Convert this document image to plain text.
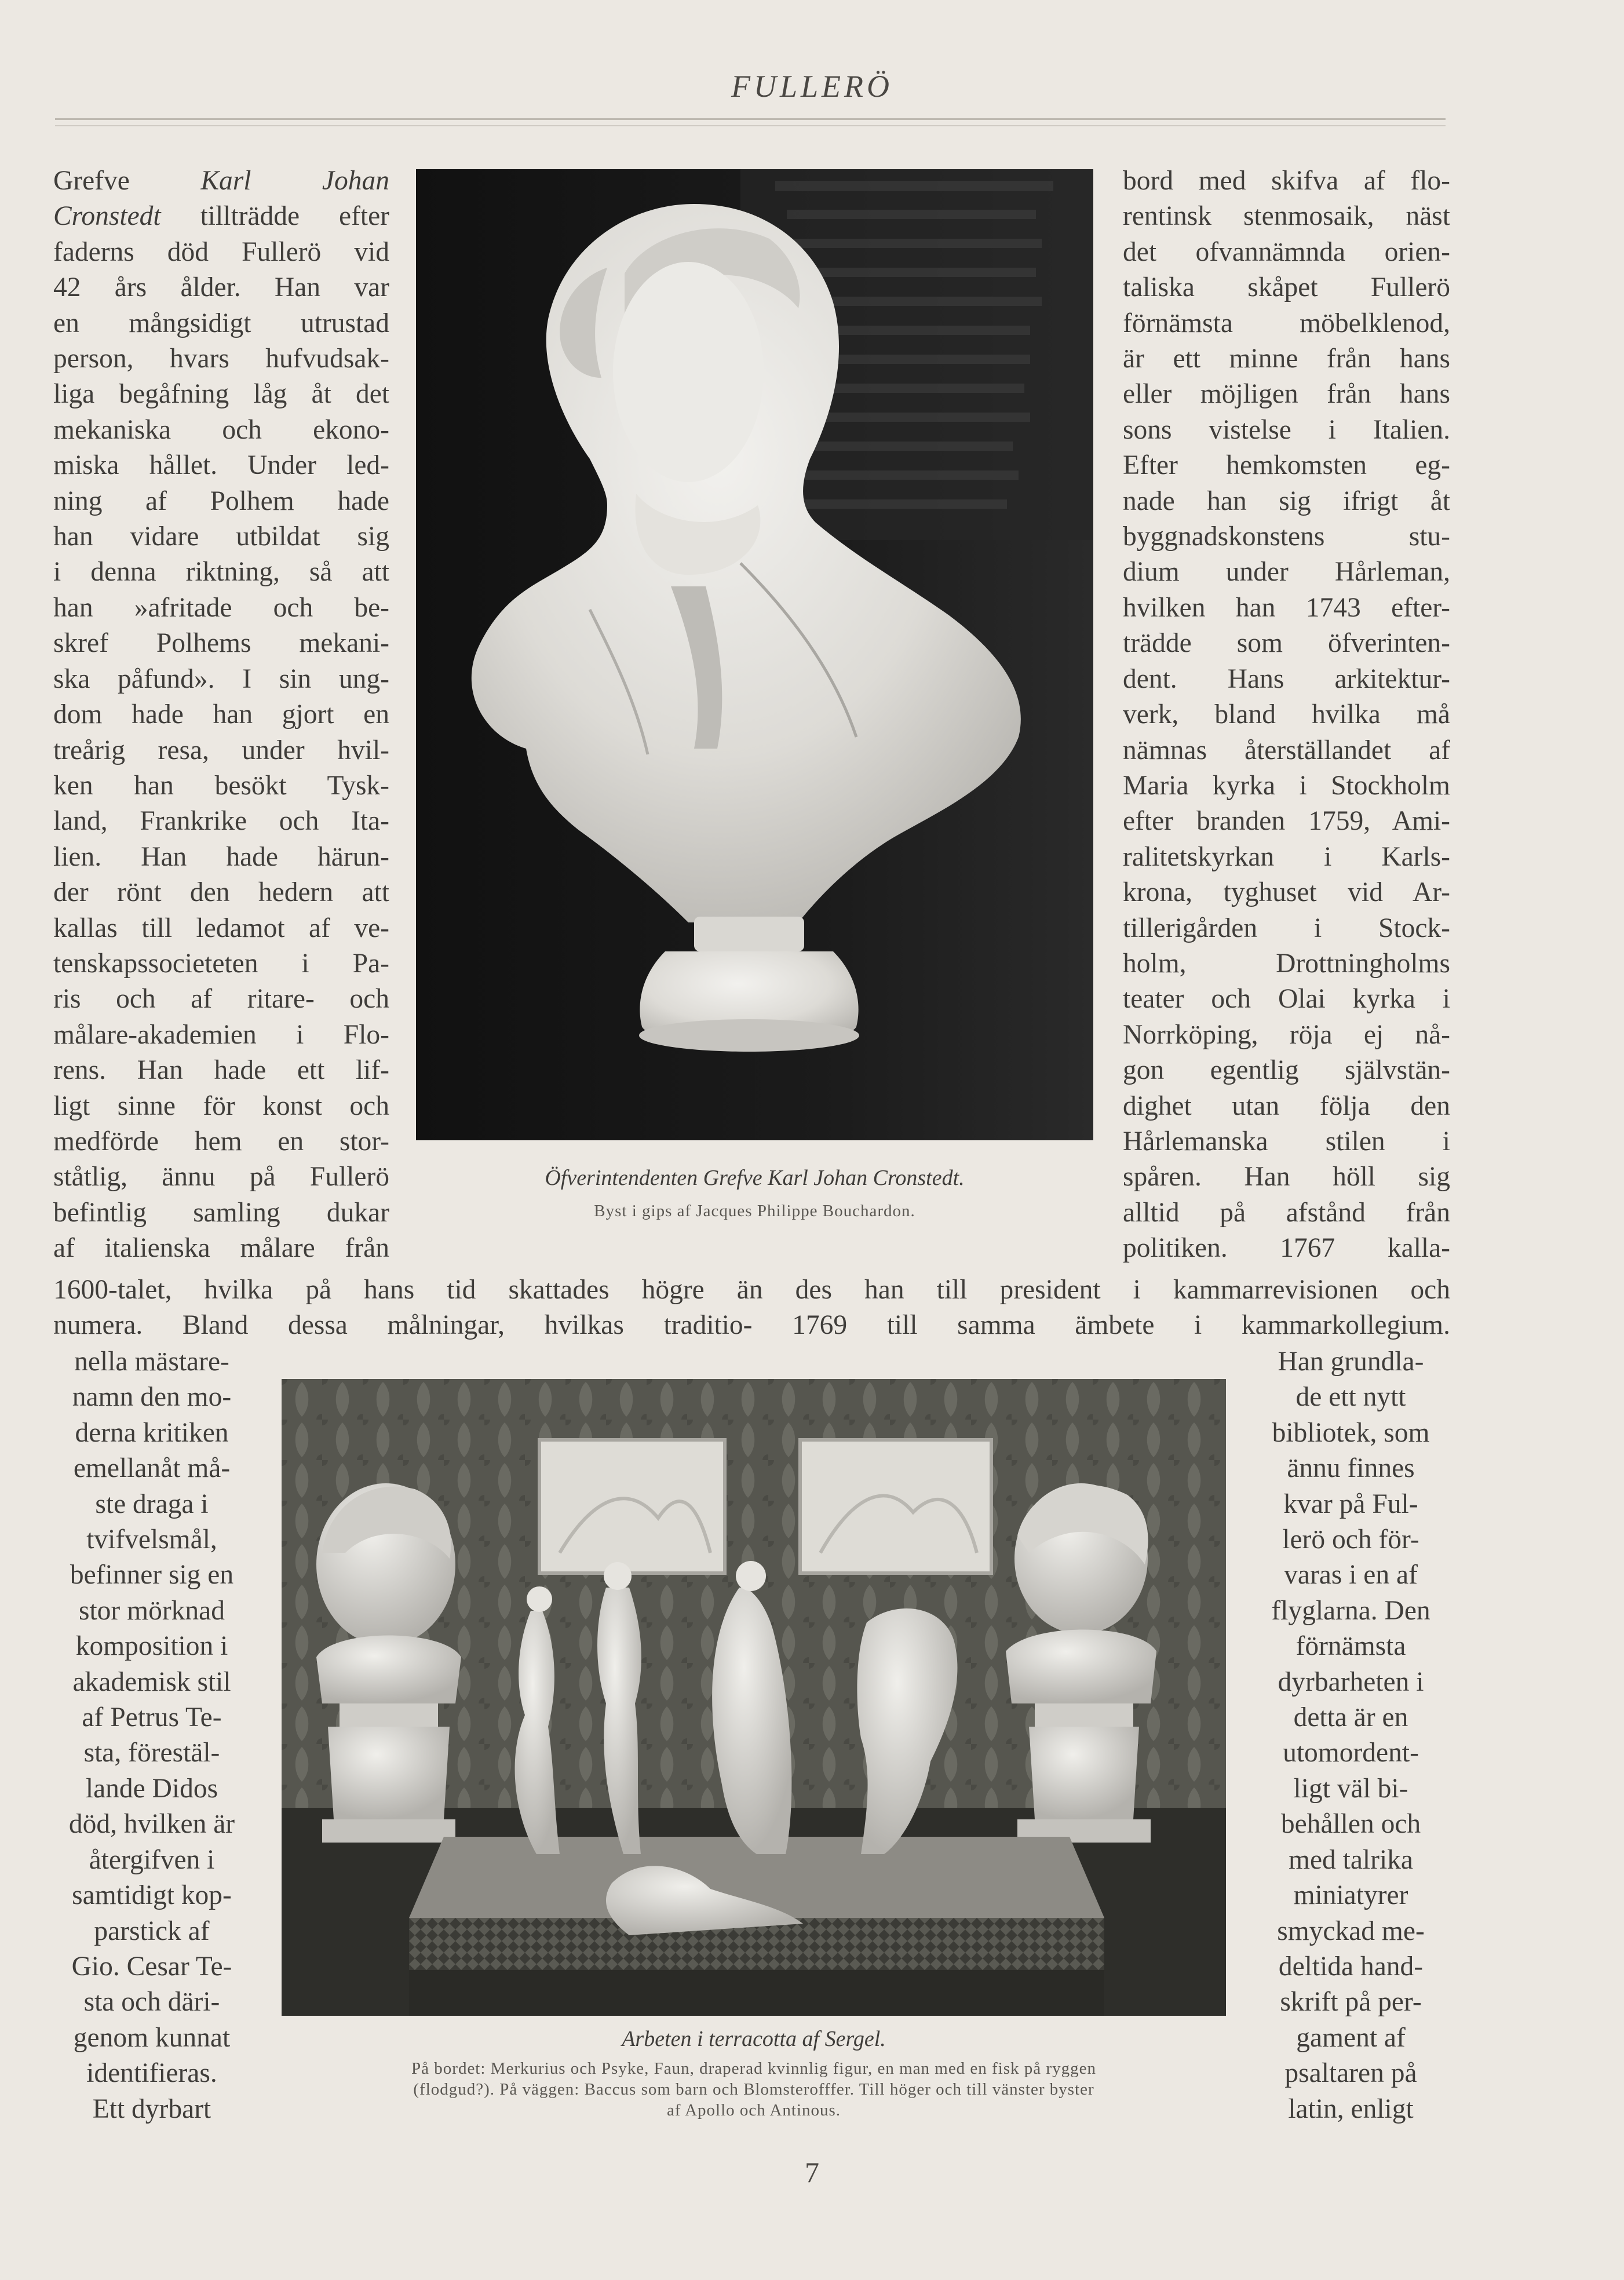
FULLERÖ
Grefve Karl Johan
Cronstedt tillträdde efter
faderns död Fullerö vid
42 års ålder. Han var
en mångsidigt utrustad
person, hvars hufvudsak-
liga begåfning låg åt det
mekaniska och ekono-
miska hållet. Under led-
ning af Polhem hade
han vidare utbildat sig
i denna riktning, så att
han »afritade och be-
skref Polhems mekani-
ska påfund». I sin ung-
dom hade han gjort en
treårig resa, under hvil-
ken han besökt Tysk-
land, Frankrike och Ita-
lien. Han hade härun-
der rönt den hedern att
kallas till ledamot af ve-
tenskapssocieteten i Pa-
ris och af ritare- och
målare-akademien i Flo-
rens. Han hade ett lif-
ligt sinne för konst och
medförde hem en stor-
ståtlig, ännu på Fullerö
befintlig samling dukar
af italienska målare från
bord med skifva af flo-
rentinsk stenmosaik, näst
det ofvannämnda orien-
taliska skåpet Fullerö
förnämsta möbelklenod,
är ett minne från hans
eller möjligen från hans
sons vistelse i Italien.
Efter hemkomsten eg-
nade han sig ifrigt åt
byggnadskonstens stu-
dium under Hårleman,
hvilken han 1743 efter-
trädde som öfverinten-
dent. Hans arkitektur-
verk, bland hvilka må
nämnas återställandet af
Maria kyrka i Stockholm
efter branden 1759, Ami-
ralitetskyrkan i Karls-
krona, tyghuset vid Ar-
tillerigården i Stock-
holm, Drottningholms
teater och Olai kyrka i
Norrköping, röja ej nå-
gon egentlig självstän-
dighet utan följa den
Hårlemanska stilen i
spåren. Han höll sig
alltid på afstånd från
politiken. 1767 kalla-
Öfverintendenten Grefve Karl Johan Cronstedt.
Byst i gips af Jacques Philippe Bouchardon.
1600-talet, hvilka på hans tid skattades högre än des han till president i kammarrevisionen och
numera. Bland dessa målningar, hvilkas traditio- 1769 till samma ämbete i kammarkollegium.
nella mästare-
namn den mo-
derna kritiken
emellanåt må-
ste draga i
tvifvelsmål,
befinner sig en
stor mörknad
komposition i
akademisk stil
af Petrus Te-
sta, förestäl-
lande Didos
död, hvilken är
återgifven i
samtidigt kop-
parstick af
Gio. Cesar Te-
sta och däri-
genom kunnat
identifieras.
Ett dyrbart
Han grundla-
de ett nytt
bibliotek, som
ännu finnes
kvar på Ful-
lerö och för-
varas i en af
flyglarna. Den
förnämsta
dyrbarheten i
detta är en
utomordent-
ligt väl bi-
behållen och
med talrika
miniatyrer
smyckad me-
deltida hand-
skrift på per-
gament af
psaltaren på
latin, enligt
Arbeten i terracotta af Sergel.
På bordet: Merkurius och Psyke, Faun, draperad kvinnlig figur, en man med en fisk på ryggen
(flodgud?). På väggen: Baccus som barn och Blomsterofffer. Till höger och till vänster byster
af Apollo och Antinous.
7
